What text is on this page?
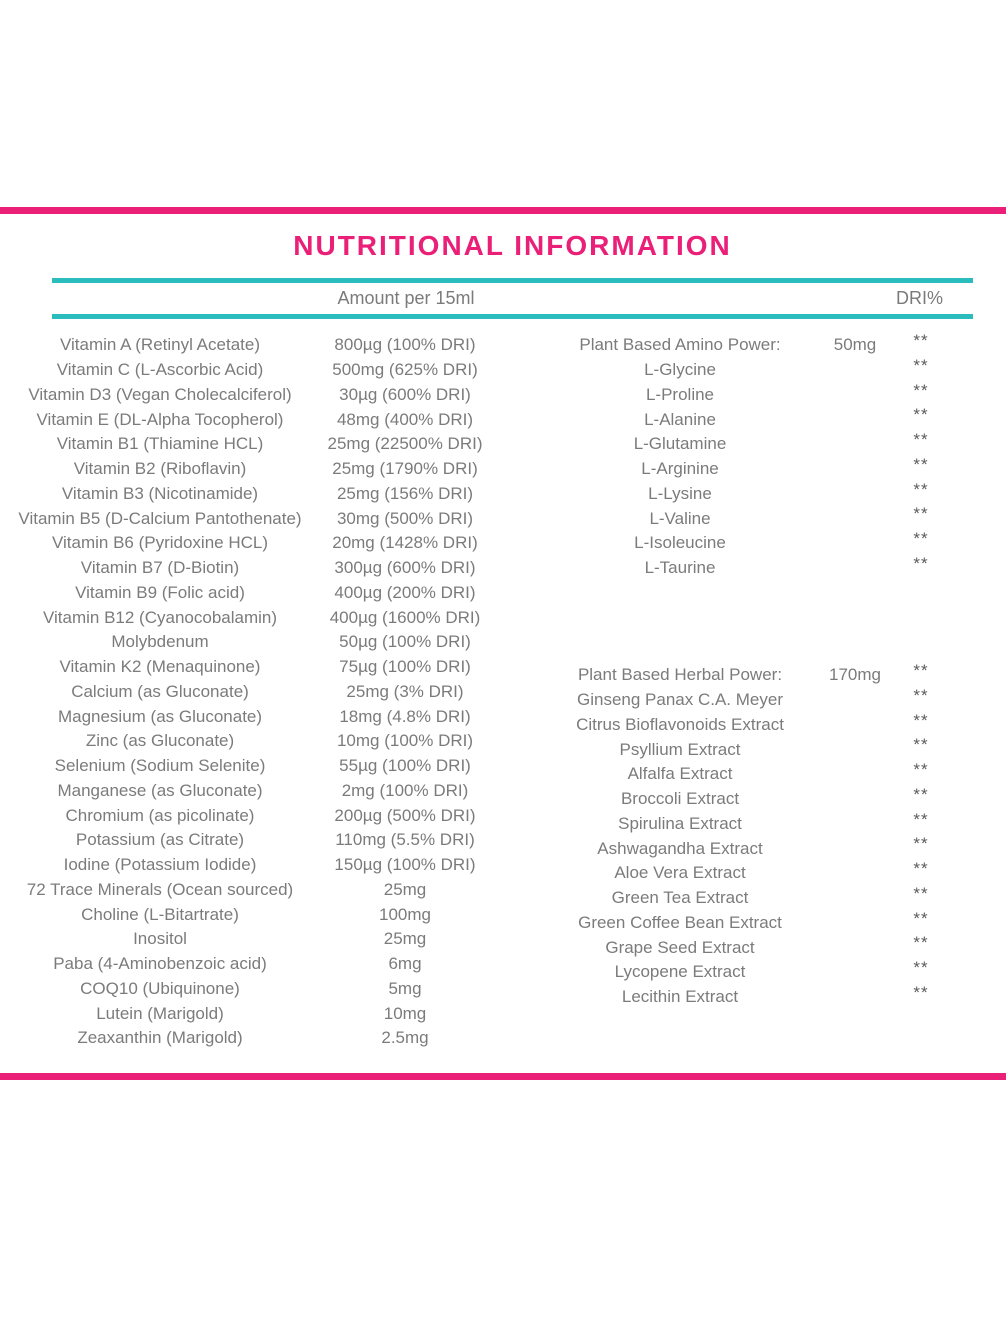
NUTRITIONAL INFORMATION
Amount per 15ml	DRI%
Vitamin A (Retinyl Acetate)	800µg (100% DRI)
Vitamin C (L-Ascorbic Acid)	500mg (625% DRI)
Vitamin D3 (Vegan Cholecalciferol)	30µg (600% DRI)
Vitamin E (DL-Alpha Tocopherol)	48mg (400% DRI)
Vitamin B1 (Thiamine HCL)	25mg (22500% DRI)
Vitamin B2 (Riboflavin)	25mg (1790% DRI)
Vitamin B3 (Nicotinamide)	25mg (156% DRI)
Vitamin B5 (D-Calcium Pantothenate)	30mg (500% DRI)
Vitamin B6 (Pyridoxine HCL)	20mg (1428% DRI)
Vitamin B7 (D-Biotin)	300µg (600% DRI)
Vitamin B9 (Folic acid)	400µg (200% DRI)
Vitamin B12 (Cyanocobalamin)	400µg (1600% DRI)
Molybdenum	50µg (100% DRI)
Vitamin K2 (Menaquinone)	75µg (100% DRI)
Calcium (as Gluconate)	25mg (3% DRI)
Magnesium (as Gluconate)	18mg (4.8% DRI)
Zinc (as Gluconate)	10mg (100% DRI)
Selenium (Sodium Selenite)	55µg (100% DRI)
Manganese (as Gluconate)	2mg (100% DRI)
Chromium (as picolinate)	200µg (500% DRI)
Potassium (as Citrate)	110mg (5.5% DRI)
Iodine (Potassium Iodide)	150µg (100% DRI)
72 Trace Minerals (Ocean sourced)	25mg
Choline (L-Bitartrate)	100mg
Inositol	25mg
Paba (4-Aminobenzoic acid)	6mg
COQ10 (Ubiquinone)	5mg
Lutein (Marigold)	10mg
Zeaxanthin (Marigold)	2.5mg
Plant Based Amino Power:	50mg	**
L-Glycine	**
L-Proline	**
L-Alanine	**
L-Glutamine	**
L-Arginine	**
L-Lysine	**
L-Valine	**
L-Isoleucine	**
L-Taurine	**
Plant Based Herbal Power:	170mg	**
Ginseng Panax C.A. Meyer	**
Citrus Bioflavonoids Extract	**
Psyllium Extract	**
Alfalfa Extract	**
Broccoli Extract	**
Spirulina Extract	**
Ashwagandha Extract	**
Aloe Vera Extract	**
Green Tea Extract	**
Green Coffee Bean Extract	**
Grape Seed Extract	**
Lycopene Extract	**
Lecithin Extract	**
